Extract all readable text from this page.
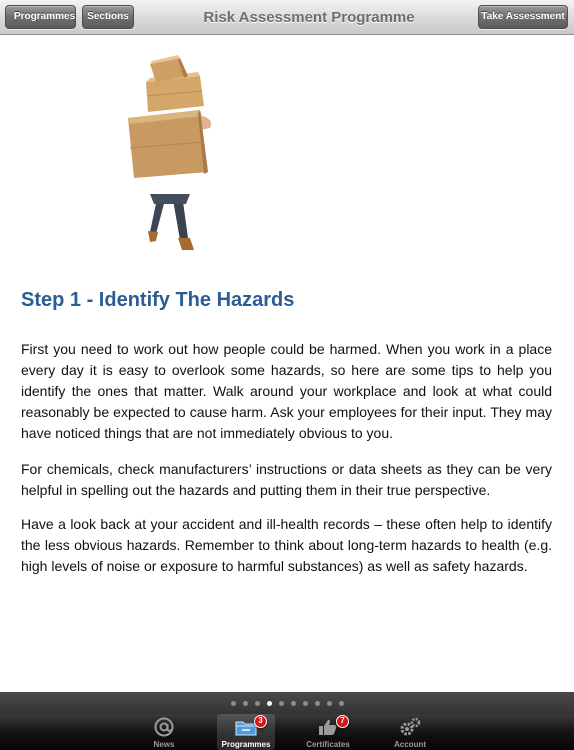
Programmes	Sections	Risk Assessment Programme	Take Assessment
Step 1 - Identify The Hazards

First you need to work out how people could be harmed. When you work in a place every day it is easy to overlook some hazards, so here are some tips to help you identify the ones that matter. Walk around your workplace and look at what could reasonably be expected to cause harm. Ask your employees for their input. They may have noticed things that are not immediately obvious to you.

For chemicals, check manufacturers’ instructions or data sheets as they can be very helpful in spelling out the hazards and putting them in their true perspective.

Have a look back at your accident and ill-health records – these often help to identify the less obvious hazards. Remember to think about long-term hazards to health (e.g. high levels of noise or exposure to harmful substances) as well as safety hazards.

News
3
Programmes
7
Certificates	Account
